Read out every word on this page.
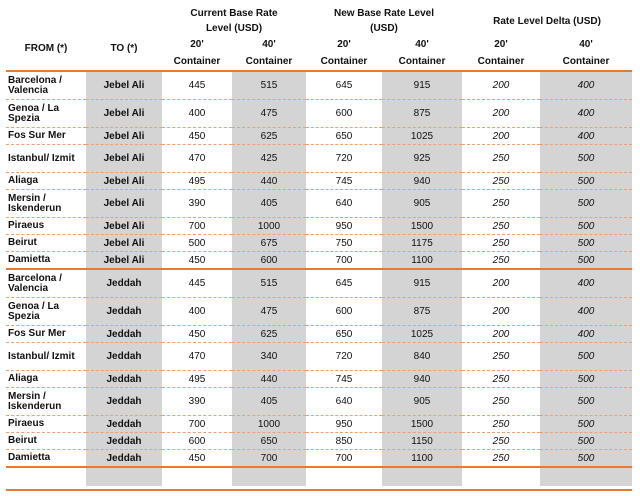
FROM (*)	TO (*)	Current Base Rate Level (USD)		New Base Rate Level (USD)		Rate Level Delta (USD)	
		20'	40'	20'	40'	20'	40'
		Container	Container	Container	Container	Container	Container
Barcelona / Valencia	Jebel Ali	445	515	645	915	200	400
Genoa / La Spezia	Jebel Ali	400	475	600	875	200	400
Fos Sur Mer	Jebel Ali	450	625	650	1025	200	400
Istanbul/ Izmit	Jebel Ali	470	425	720	925	250	500
Aliaga	Jebel Ali	495	440	745	940	250	500
Mersin / Iskenderun	Jebel Ali	390	405	640	905	250	500
Piraeus	Jebel Ali	700	1000	950	1500	250	500
Beirut	Jebel Ali	500	675	750	1175	250	500
Damietta	Jebel Ali	450	600	700	1100	250	500
Barcelona / Valencia	Jeddah	445	515	645	915	200	400
Genoa / La Spezia	Jeddah	400	475	600	875	200	400
Fos Sur Mer	Jeddah	450	625	650	1025	200	400
Istanbul/ Izmit	Jeddah	470	340	720	840	250	500
Aliaga	Jeddah	495	440	745	940	250	500
Mersin / Iskenderun	Jeddah	390	405	640	905	250	500
Piraeus	Jeddah	700	1000	950	1500	250	500
Beirut	Jeddah	600	650	850	1150	250	500
Damietta	Jeddah	450	700	700	1100	250	500
